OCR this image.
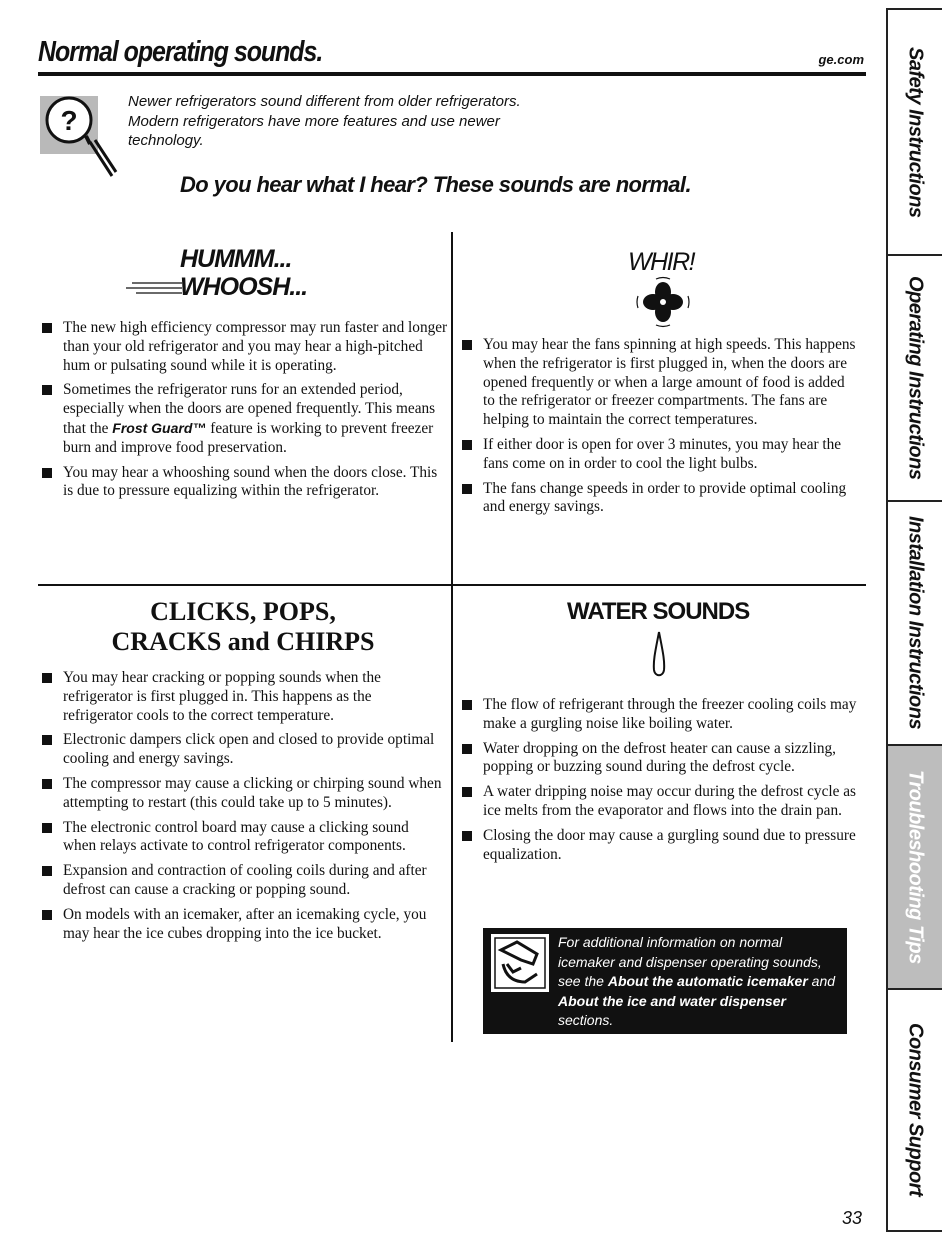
Normal operating sounds.	ge.com
?
Newer refrigerators sound different from older refrigerators.
Modern refrigerators have more features and use newer
technology.
Do you hear what I hear? These sounds are normal.
HUMMM...
WHOOSH...
The new high efficiency compressor may run faster and longer than your old refrigerator and you may hear a high-pitched hum or pulsating sound while it is operating.
Sometimes the refrigerator runs for an extended period, especially when the doors are opened frequently. This means that the Frost Guard™ feature is working to prevent freezer burn and improve food preservation.
You may hear a whooshing sound when the doors close. This is due to pressure equalizing within the refrigerator.
WHIR!
You may hear the fans spinning at high speeds. This happens when the refrigerator is first plugged in, when the doors are opened frequently or when a large amount of food is added to the refrigerator or freezer compartments. The fans are helping to maintain the correct temperatures.
If either door is open for over 3 minutes, you may hear the fans come on in order to cool the light bulbs.
The fans change speeds in order to provide optimal cooling and energy savings.
CLICKS, POPS,
CRACKS and CHIRPS
You may hear cracking or popping sounds when the refrigerator is first plugged in. This happens as the refrigerator cools to the correct temperature.
Electronic dampers click open and closed to provide optimal cooling and energy savings.
The compressor may cause a clicking or chirping sound when attempting to restart (this could take up to 5 minutes).
The electronic control board may cause a clicking sound when relays activate to control refrigerator components.
Expansion and contraction of cooling coils during and after defrost can cause a cracking or popping sound.
On models with an icemaker, after an icemaking cycle, you may hear the ice cubes dropping into the ice bucket.
WATER SOUNDS
The flow of refrigerant through the freezer cooling coils may make a gurgling noise like boiling water.
Water dropping on the defrost heater can cause a sizzling, popping or buzzing sound during the defrost cycle.
A water dripping noise may occur during the defrost cycle as ice melts from the evaporator and flows into the drain pan.
Closing the door may cause a gurgling sound due to pressure equalization.
For additional information on normal icemaker and dispenser operating sounds, see the About the automatic icemaker and About the ice and water dispenser sections.
33
Safety Instructions
Operating Instructions
Installation Instructions
Troubleshooting Tips
Consumer Support
